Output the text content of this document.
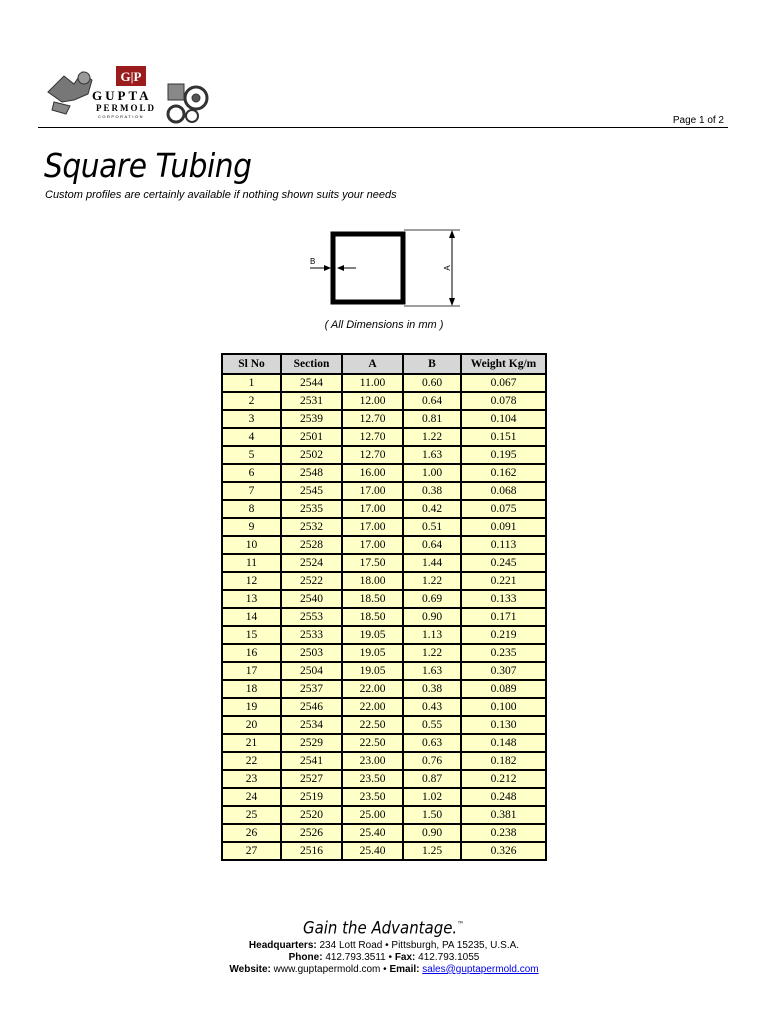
G|P
GUPTA
PERMOLD
CORPORATION	Page 1 of 2
Square Tubing
Custom profiles are certainly available if nothing shown suits your needs
A
B
( All Dimensions in mm )
Sl No	Section	A	B	Weight Kg/m
1	2544	11.00	0.60	0.067
2	2531	12.00	0.64	0.078
3	2539	12.70	0.81	0.104
4	2501	12.70	1.22	0.151
5	2502	12.70	1.63	0.195
6	2548	16.00	1.00	0.162
7	2545	17.00	0.38	0.068
8	2535	17.00	0.42	0.075
9	2532	17.00	0.51	0.091
10	2528	17.00	0.64	0.113
11	2524	17.50	1.44	0.245
12	2522	18.00	1.22	0.221
13	2540	18.50	0.69	0.133
14	2553	18.50	0.90	0.171
15	2533	19.05	1.13	0.219
16	2503	19.05	1.22	0.235
17	2504	19.05	1.63	0.307
18	2537	22.00	0.38	0.089
19	2546	22.00	0.43	0.100
20	2534	22.50	0.55	0.130
21	2529	22.50	0.63	0.148
22	2541	23.00	0.76	0.182
23	2527	23.50	0.87	0.212
24	2519	23.50	1.02	0.248
25	2520	25.00	1.50	0.381
26	2526	25.40	0.90	0.238
27	2516	25.40	1.25	0.326
Gain the Advantage.™
Headquarters: 234 Lott Road • Pittsburgh, PA 15235, U.S.A.
Phone: 412.793.3511 • Fax: 412.793.1055
Website: www.guptapermold.com • Email: sales@guptapermold.com
